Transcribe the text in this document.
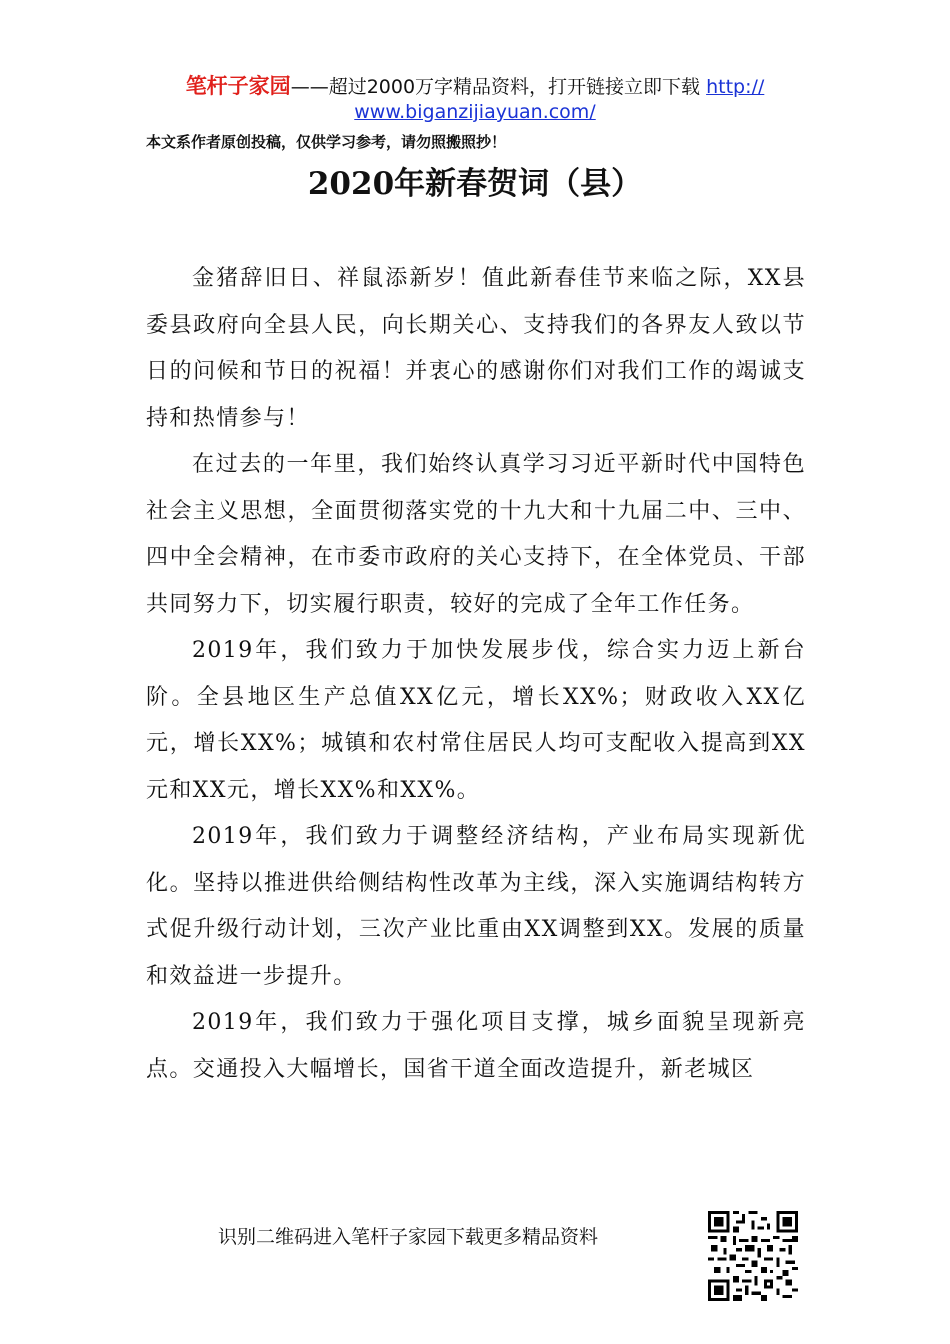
笔杆子家园——超过2000万字精品资料，打开链接立即下载 http://
www.biganzijiayuan.com/
本文系作者原创投稿，仅供学习参考，请勿照搬照抄！
2020年新春贺词（县）

金猪辞旧日、祥鼠添新岁！值此新春佳节来临之际，XX县委县政府向全县人民，向长期关心、支持我们的各界友人致以节日的问候和节日的祝福！并衷心的感谢你们对我们工作的竭诚支持和热情参与！

在过去的一年里，我们始终认真学习习近平新时代中国特色社会主义思想，全面贯彻落实党的十九大和十九届二中、三中、四中全会精神，在市委市政府的关心支持下，在全体党员、干部共同努力下，切实履行职责，较好的完成了全年工作任务。

2019年，我们致力于加快发展步伐，综合实力迈上新台阶。全县地区生产总值XX亿元，增长XX%；财政收入XX亿元，增长XX%；城镇和农村常住居民人均可支配收入提高到XX元和XX元，增长XX%和XX%。

2019年，我们致力于调整经济结构，产业布局实现新优化。坚持以推进供给侧结构性改革为主线，深入实施调结构转方式促升级行动计划，三次产业比重由XX调整到XX。发展的质量和效益进一步提升。

2019年，我们致力于强化项目支撑，城乡面貌呈现新亮点。交通投入大幅增长，国省干道全面改造提升，新老城区

识别二维码进入笔杆子家园下载更多精品资料
